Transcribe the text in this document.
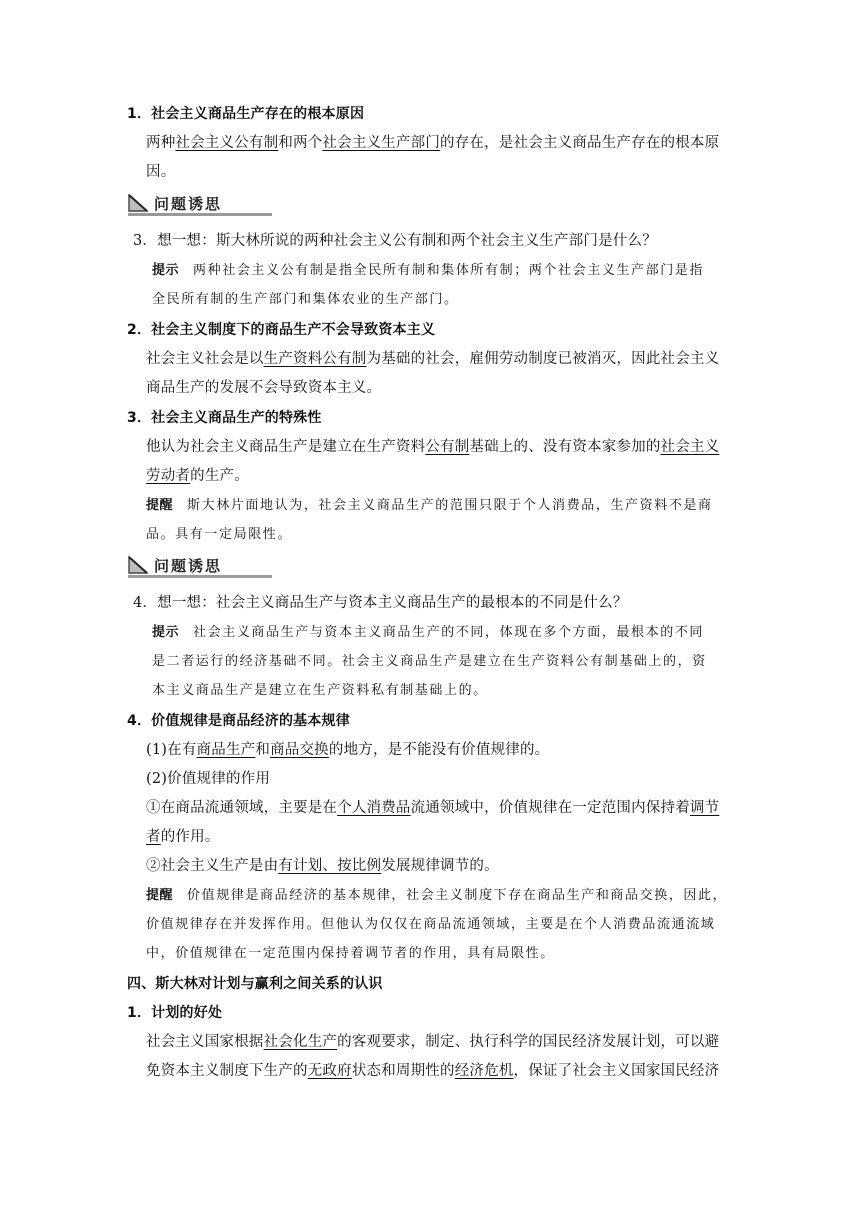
1．社会主义商品生产存在的根本原因
两种社会主义公有制和两个社会主义生产部门的存在，是社会主义商品生产存在的根本原
因。
问题诱思
3．想一想：斯大林所说的两种社会主义公有制和两个社会主义生产部门是什么？
提示 两种社会主义公有制是指全民所有制和集体所有制；两个社会主义生产部门是指
全民所有制的生产部门和集体农业的生产部门。
2．社会主义制度下的商品生产不会导致资本主义
社会主义社会是以生产资料公有制为基础的社会，雇佣劳动制度已被消灭，因此社会主义
商品生产的发展不会导致资本主义。
3．社会主义商品生产的特殊性
他认为社会主义商品生产是建立在生产资料公有制基础上的、没有资本家参加的社会主义
劳动者的生产。
提醒 斯大林片面地认为，社会主义商品生产的范围只限于个人消费品，生产资料不是商
品。具有一定局限性。
问题诱思
4．想一想：社会主义商品生产与资本主义商品生产的最根本的不同是什么？
提示 社会主义商品生产与资本主义商品生产的不同，体现在多个方面，最根本的不同
是二者运行的经济基础不同。社会主义商品生产是建立在生产资料公有制基础上的，资
本主义商品生产是建立在生产资料私有制基础上的。
4．价值规律是商品经济的基本规律
(1)在有商品生产和商品交换的地方，是不能没有价值规律的。
(2)价值规律的作用
①在商品流通领域，主要是在个人消费品流通领域中，价值规律在一定范围内保持着调节
者的作用。
②社会主义生产是由有计划、按比例发展规律调节的。
提醒 价值规律是商品经济的基本规律，社会主义制度下存在商品生产和商品交换，因此，
价值规律存在并发挥作用。但他认为仅仅在商品流通领域，主要是在个人消费品流通流域
中，价值规律在一定范围内保持着调节者的作用，具有局限性。
四、斯大林对计划与赢利之间关系的认识
1．计划的好处
社会主义国家根据社会化生产的客观要求，制定、执行科学的国民经济发展计划，可以避
免资本主义制度下生产的无政府状态和周期性的经济危机，保证了社会主义国家国民经济
